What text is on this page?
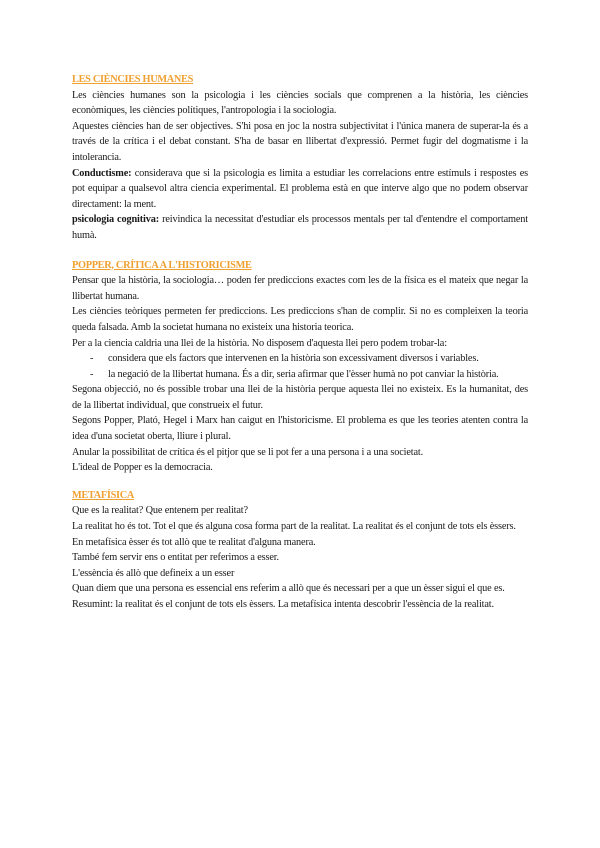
LES CIÈNCIES HUMANES

Les ciències humanes son la psicologia i les ciències socials que comprenen a la història, les ciències econòmiques, les ciències polítiques, l'antropologia i la sociologia.

Aquestes ciències han de ser objectives. S'hi posa en joc la nostra subjectivitat i l'única manera de superar-la és a través de la crítica i el debat constant. S'ha de basar en llibertat d'expressió. Permet fugir del dogmatisme i la intolerancia.

Conductisme: considerava que si la psicologia es limita a estudiar les correlacions entre estímuls i respostes es pot equipar a qualsevol altra ciencia experimental. El problema està en que interve algo que no podem observar directament: la ment.

psicologia cognitiva: reivindica la necessitat d'estudiar els processos mentals per tal d'entendre el comportament humà.

POPPER, CRÍTICA A L'HISTORICISME

Pensar que la història, la sociologia… poden fer prediccions exactes com les de la física es el mateix que negar la llibertat humana.

Les ciències teòriques permeten fer prediccions. Les prediccions s'han de complir. Si no es compleixen la teoria queda falsada. Amb la societat humana no existeix una historia teorica.

Per a la ciencia caldria una llei de la història. No disposem d'aquesta llei pero podem trobar-la:

- considera que els factors que intervenen en la història son excessivament diversos i variables.
- la negació de la llibertat humana. És a dir, seria afirmar que l'èsser humà no pot canviar la història.

Segona objecció, no és possible trobar una llei de la història perque aquesta llei no existeix. Es la humanitat, des de la llibertat individual, que construeix el futur.

Segons Popper, Plató, Hegel i Marx han caigut en l'historicisme. El problema es que les teories atenten contra la idea d'una societat oberta, lliure i plural.

Anular la possibilitat de crítica és el pitjor que se li pot fer a una persona i a una societat.

L'ideal de Popper es la democracia.

METAFÍSICA

Que es la realitat? Que entenem per realitat?

La realitat ho és tot. Tot el que és alguna cosa forma part de la realitat. La realitat és el conjunt de tots els èssers.

En metafísica èsser és tot allò que te realitat d'alguna manera.

També fem servir ens o entitat per referimos a esser.

L'essència és allò que defineix a un esser

Quan diem que una persona es essencial ens referim a allò que és necessari per a que un èsser sigui el que es.

Resumint: la realitat és el conjunt de tots els èssers. La metafísica intenta descobrir l'essència de la realitat.
